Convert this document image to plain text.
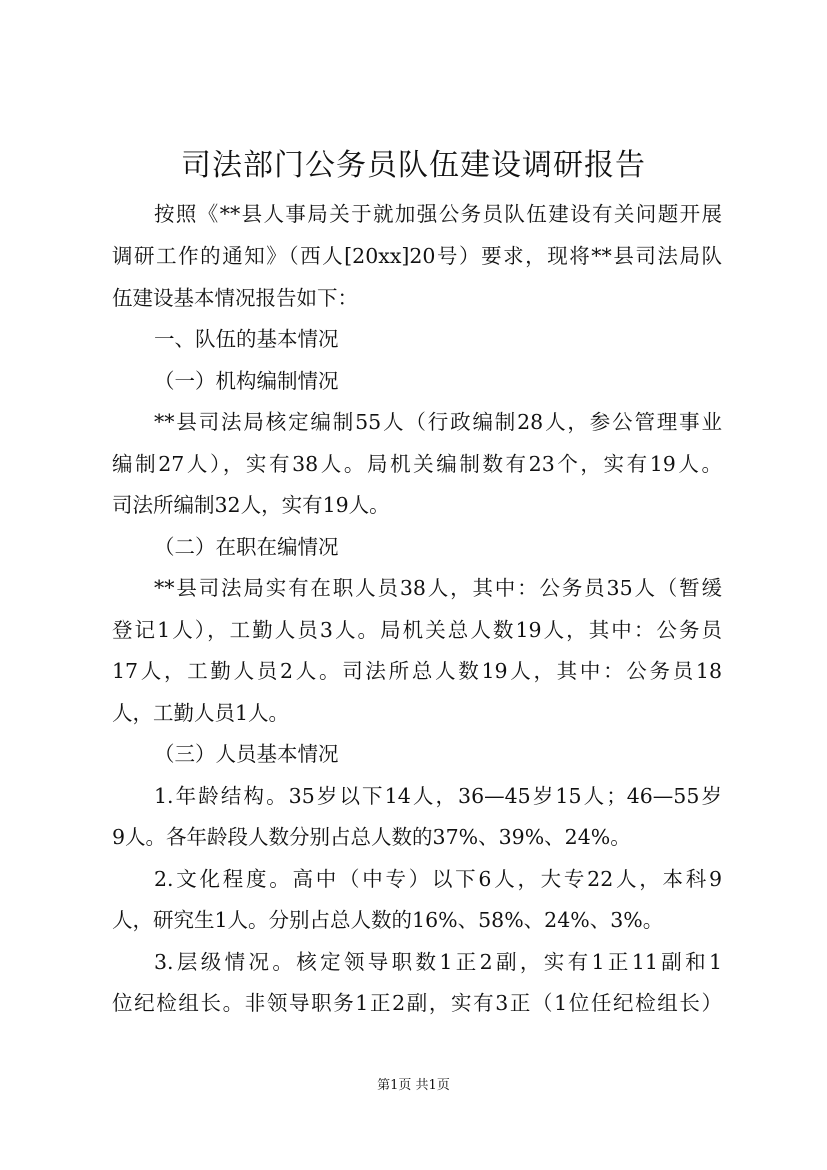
司法部门公务员队伍建设调研报告
按照《**县人事局关于就加强公务员队伍建设有关问题开展
调研工作的通知》（西人[20xx]20号）要求，现将**县司法局队
伍建设基本情况报告如下：
一、队伍的基本情况
（一）机构编制情况
**县司法局核定编制55人（行政编制28人，参公管理事业
编制27人），实有38人。局机关编制数有23个，实有19人。
司法所编制32人，实有19人。
（二）在职在编情况
**县司法局实有在职人员38人，其中：公务员35人（暂缓
登记1人），工勤人员3人。局机关总人数19人，其中：公务员
17人，工勤人员2人。司法所总人数19人，其中：公务员18
人，工勤人员1人。
（三）人员基本情况
1.年龄结构。35岁以下14人，36—45岁15人；46—55岁
9人。各年龄段人数分别占总人数的37%、39%、24%。
2.文化程度。高中（中专）以下6人，大专22人，本科9
人，研究生1人。分别占总人数的16%、58%、24%、3%。
3.层级情况。核定领导职数1正2副，实有1正11副和1
位纪检组长。非领导职务1正2副，实有3正（1位任纪检组长）
第1页 共1页
